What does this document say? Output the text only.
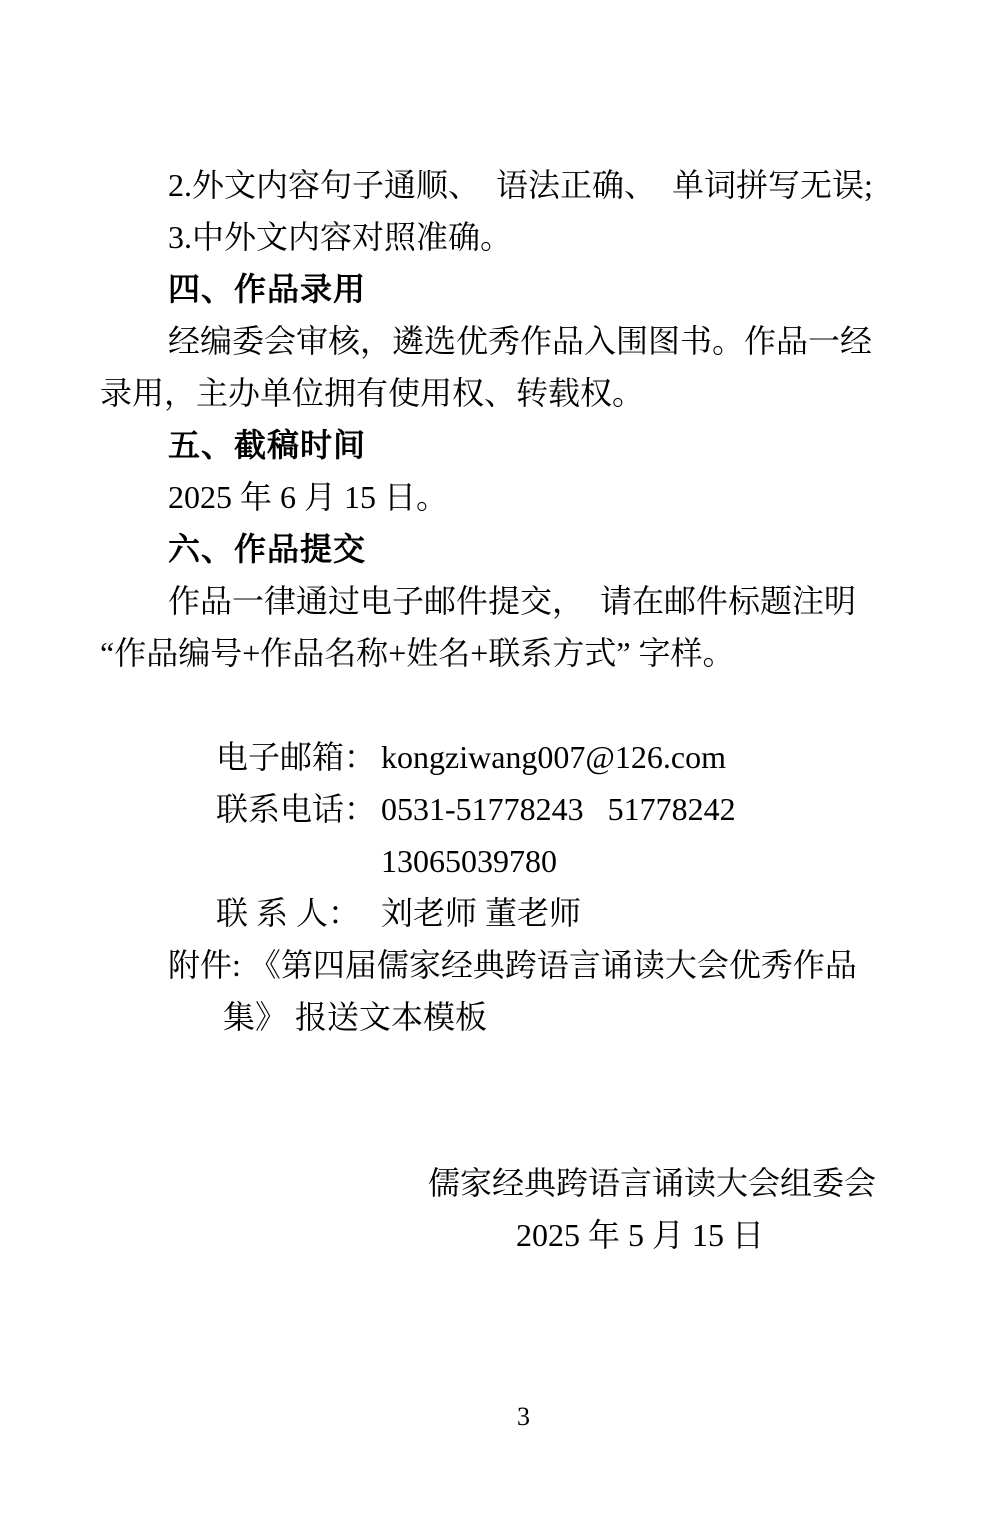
2.外文内容句子通顺、  语法正确、  单词拼写无误;
3.中外文内容对照准确。
四、作品录用
经编委会审核，遴选优秀作品入围图书。作品一经
录用，主办单位拥有使用权、转载权。
五、截稿时间
2025 年 6 月 15 日。
六、作品提交
作品一律通过电子邮件提交，  请在邮件标题注明
“作品编号+作品名称+姓名+联系方式” 字样。

电子邮箱： kongziwang007@126.com

联系电话： 0531-51778243   51778242

13065039780

联 系 人： 刘老师 董老师

附件: 《第四届儒家经典跨语言诵读大会优秀作品
集》 报送文本模板
儒家经典跨语言诵读大会组委会
2025 年 5 月 15 日
3
